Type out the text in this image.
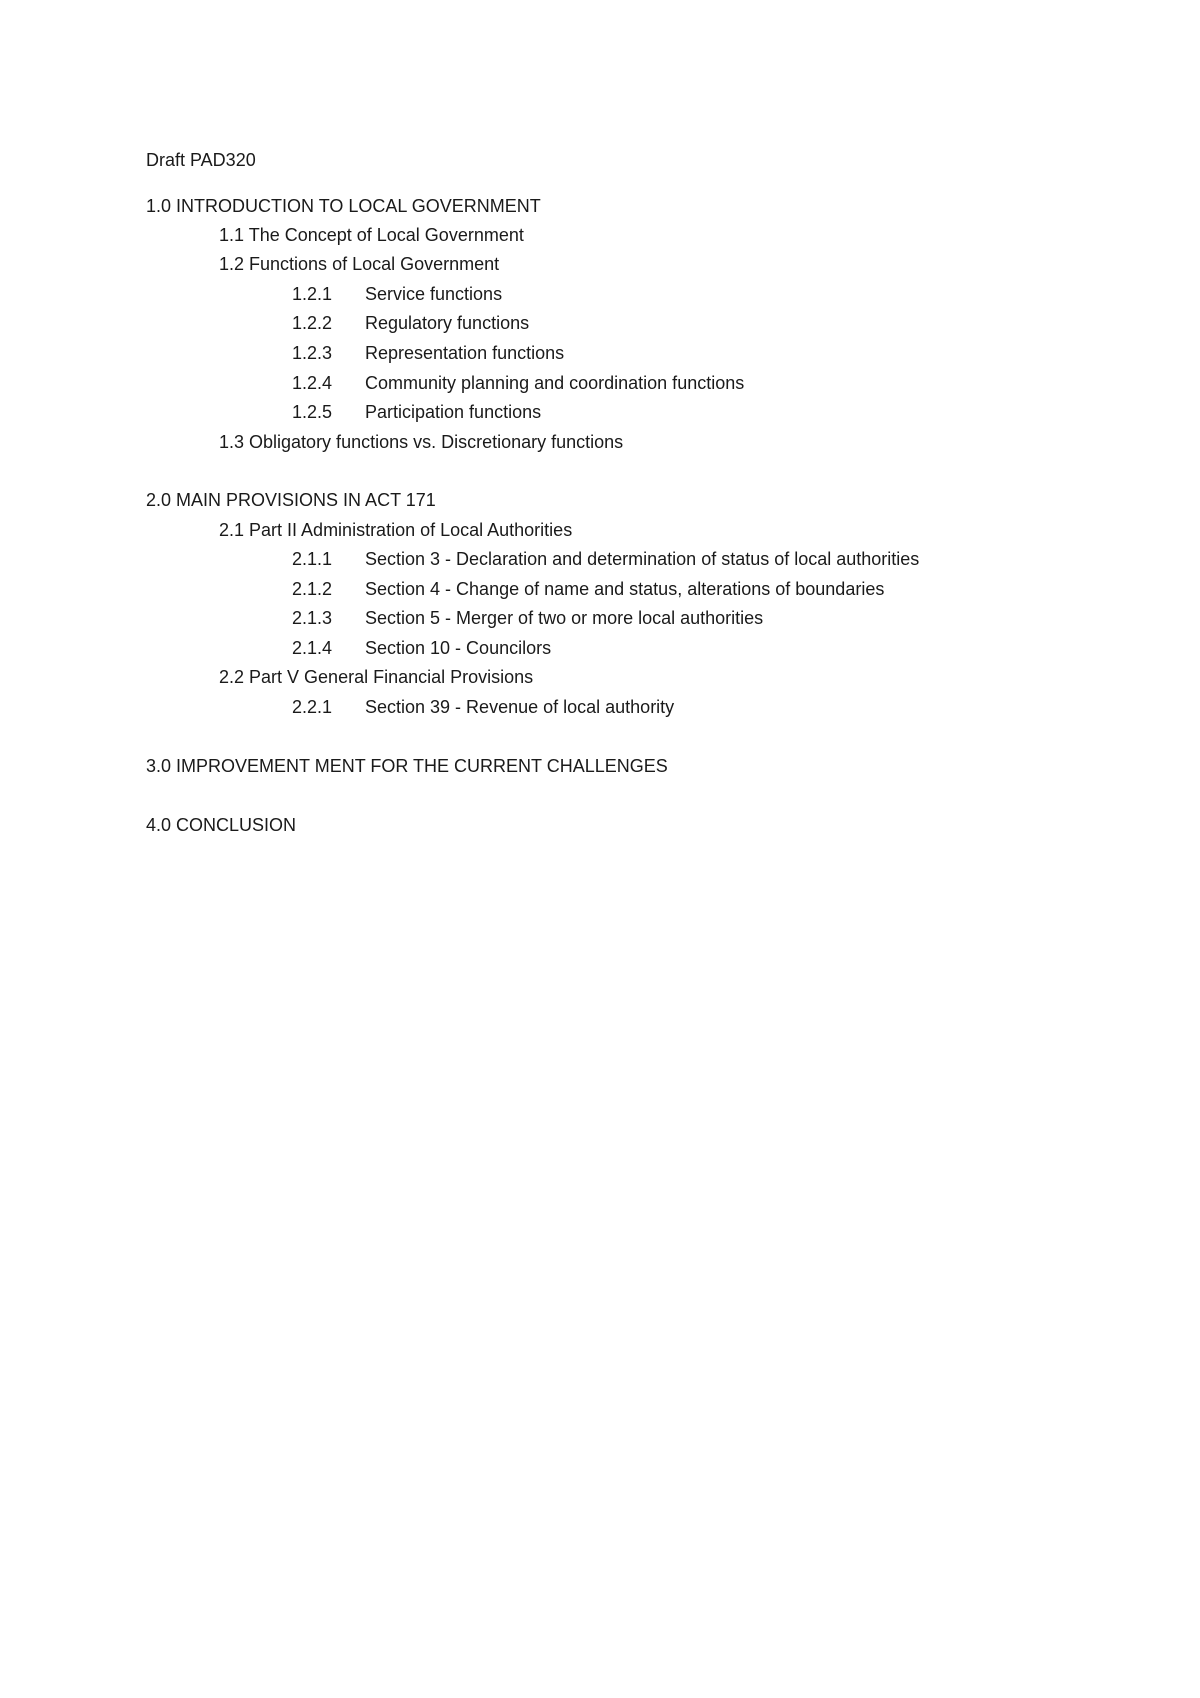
Draft PAD320
1.0 INTRODUCTION TO LOCAL GOVERNMENT
1.1 The Concept of Local Government
1.2 Functions of Local Government
1.2.1 Service functions
1.2.2 Regulatory functions
1.2.3 Representation functions
1.2.4 Community planning and coordination functions
1.2.5 Participation functions
1.3 Obligatory functions vs. Discretionary functions
2.0 MAIN PROVISIONS IN ACT 171
2.1 Part II Administration of Local Authorities
2.1.1 Section 3 - Declaration and determination of status of local authorities
2.1.2 Section 4 - Change of name and status, alterations of boundaries
2.1.3 Section 5 - Merger of two or more local authorities
2.1.4 Section 10 - Councilors
2.2 Part V General Financial Provisions
2.2.1 Section 39 - Revenue of local authority
3.0 IMPROVEMENT MENT FOR THE CURRENT CHALLENGES
4.0 CONCLUSION
